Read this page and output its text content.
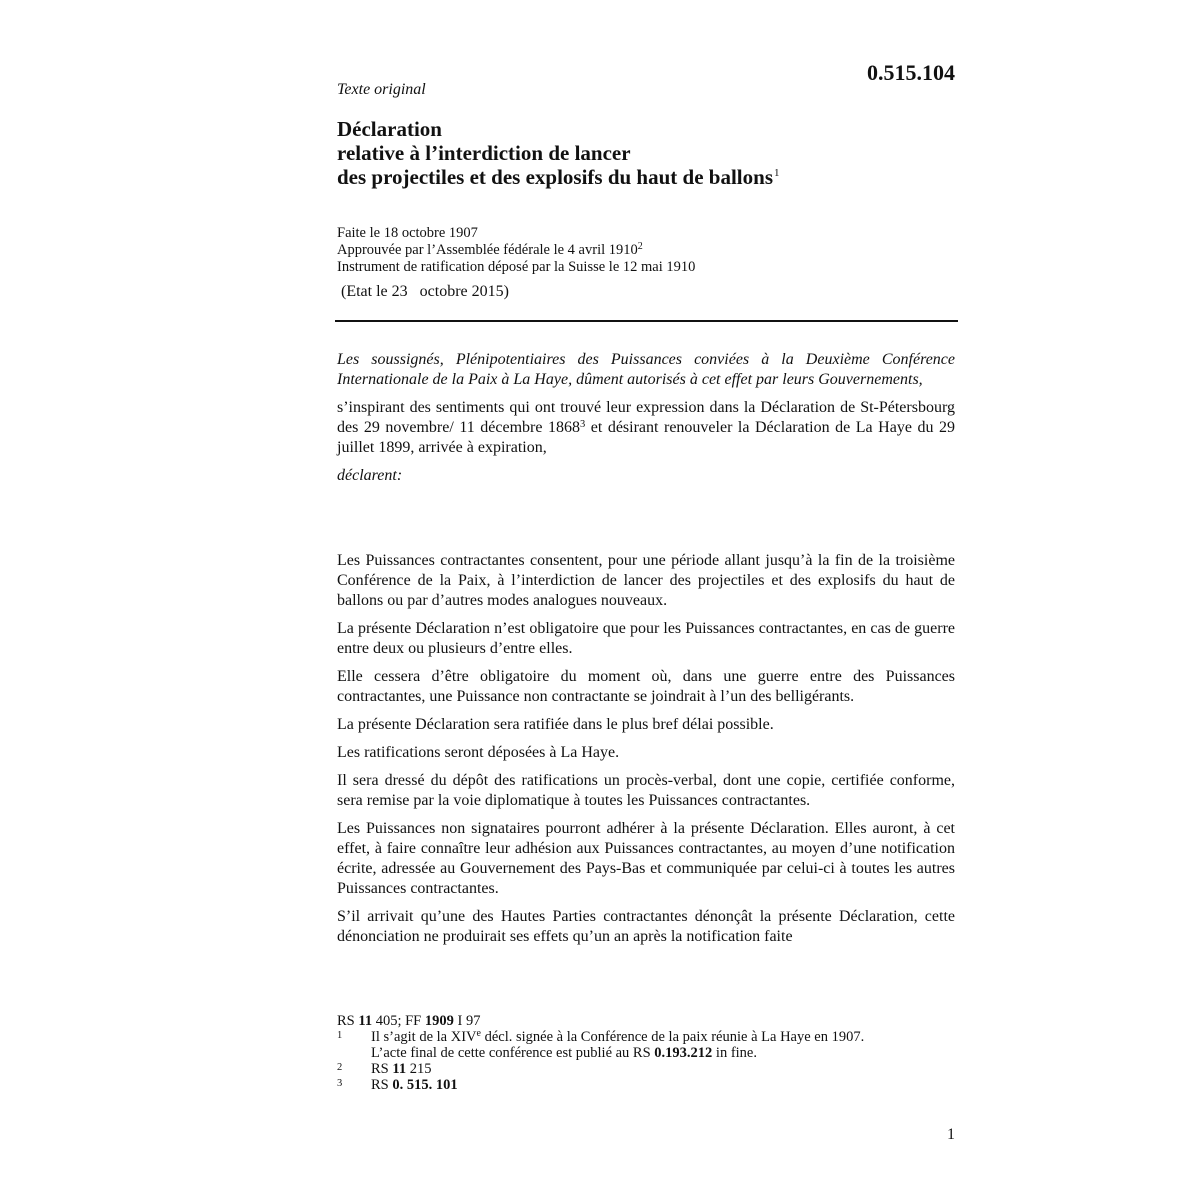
0.515.104
Texte original
Déclaration
relative à l’interdiction de lancer
des projectiles et des explosifs du haut de ballons$^1$
Faite le 18 octobre 1907
Approuvée par l’Assemblée fédérale le 4 avril 1910$^2$
Instrument de ratification déposé par la Suisse le 12 mai 1910
(Etat le 23   octobre 2015)

Les soussignés, Plénipotentiaires des Puissances conviées à la Deuxième Conférence Internationale de la Paix à La Haye, dûment autorisés à cet effet par leurs Gouvernements,

s’inspirant des sentiments qui ont trouvé leur expression dans la Déclaration de St-Pétersbourg des 29 novembre/ 11 décembre 1868$^3$ et désirant renouveler la Déclaration de La Haye du 29 juillet 1899, arrivée à expiration,

déclarent:

Les Puissances contractantes consentent, pour une période allant jusqu’à la fin de la troisième Conférence de la Paix, à l’interdiction de lancer des projectiles et des explosifs du haut de ballons ou par d’autres modes analogues nouveaux.

La présente Déclaration n’est obligatoire que pour les Puissances contractantes, en cas de guerre entre deux ou plusieurs d’entre elles.

Elle cessera d’être obligatoire du moment où, dans une guerre entre des Puissances contractantes, une Puissance non contractante se joindrait à l’un des belligérants.

La présente Déclaration sera ratifiée dans le plus bref délai possible.

Les ratifications seront déposées à La Haye.

Il sera dressé du dépôt des ratifications un procès-verbal, dont une copie, certifiée conforme, sera remise par la voie diplomatique à toutes les Puissances contractantes.

Les Puissances non signataires pourront adhérer à la présente Déclaration. Elles auront, à cet effet, à faire connaître leur adhésion aux Puissances contractantes, au moyen d’une notification écrite, adressée au Gouvernement des Pays-Bas et communiquée par celui-ci à toutes les autres Puissances contractantes.

S’il arrivait qu’une des Hautes Parties contractantes dénonçât la présente Déclaration, cette dénonciation ne produirait ses effets qu’un an après la notification faite

RS 11 405; FF 1909 I 97
1	Il s’agit de la XIVe décl. signée à la Conférence de la paix réunie à La Haye en 1907.
L’acte final de cette conférence est publié au RS 0.193.212 in fine.
2	RS 11 215
3	RS 0. 515. 101
1
